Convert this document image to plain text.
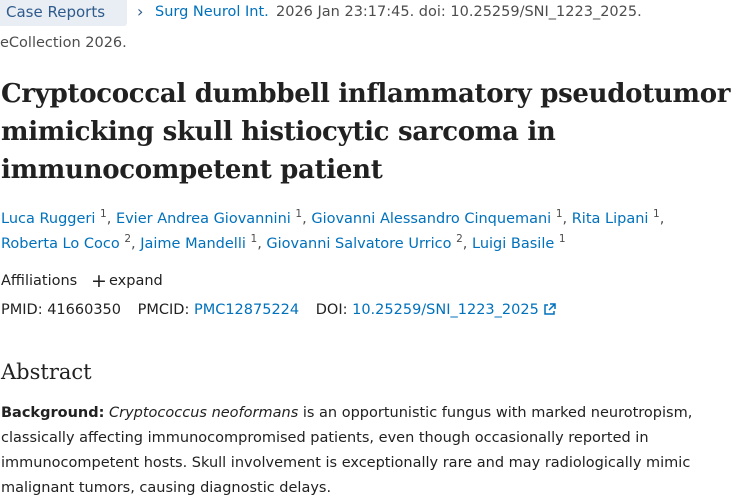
Case Reports › Surg Neurol Int. 2026 Jan 23:17:45. doi: 10.25259/SNI_1223_2025.
eCollection 2026.
Cryptococcal dumbbell inflammatory pseudotumor mimicking skull histiocytic sarcoma in immunocompetent patient
Luca Ruggeri $^1$, Evier Andrea Giovannini $^1$, Giovanni Alessandro Cinquemani $^1$, Rita Lipani $^1$,
Roberta Lo Coco $^2$, Jaime Mandelli $^1$, Giovanni Salvatore Urrico $^2$, Luigi Basile $^1$
Affiliations + expand
PMID: 41660350 PMCID: PMC12875224 DOI: 10.25259/SNI_1223_2025
Abstract

Background: Cryptococcus neoformans is an opportunistic fungus with marked neurotropism, classically affecting immunocompromised patients, even though occasionally reported in immunocompetent hosts. Skull involvement is exceptionally rare and may radiologically mimic malignant tumors, causing diagnostic delays.
